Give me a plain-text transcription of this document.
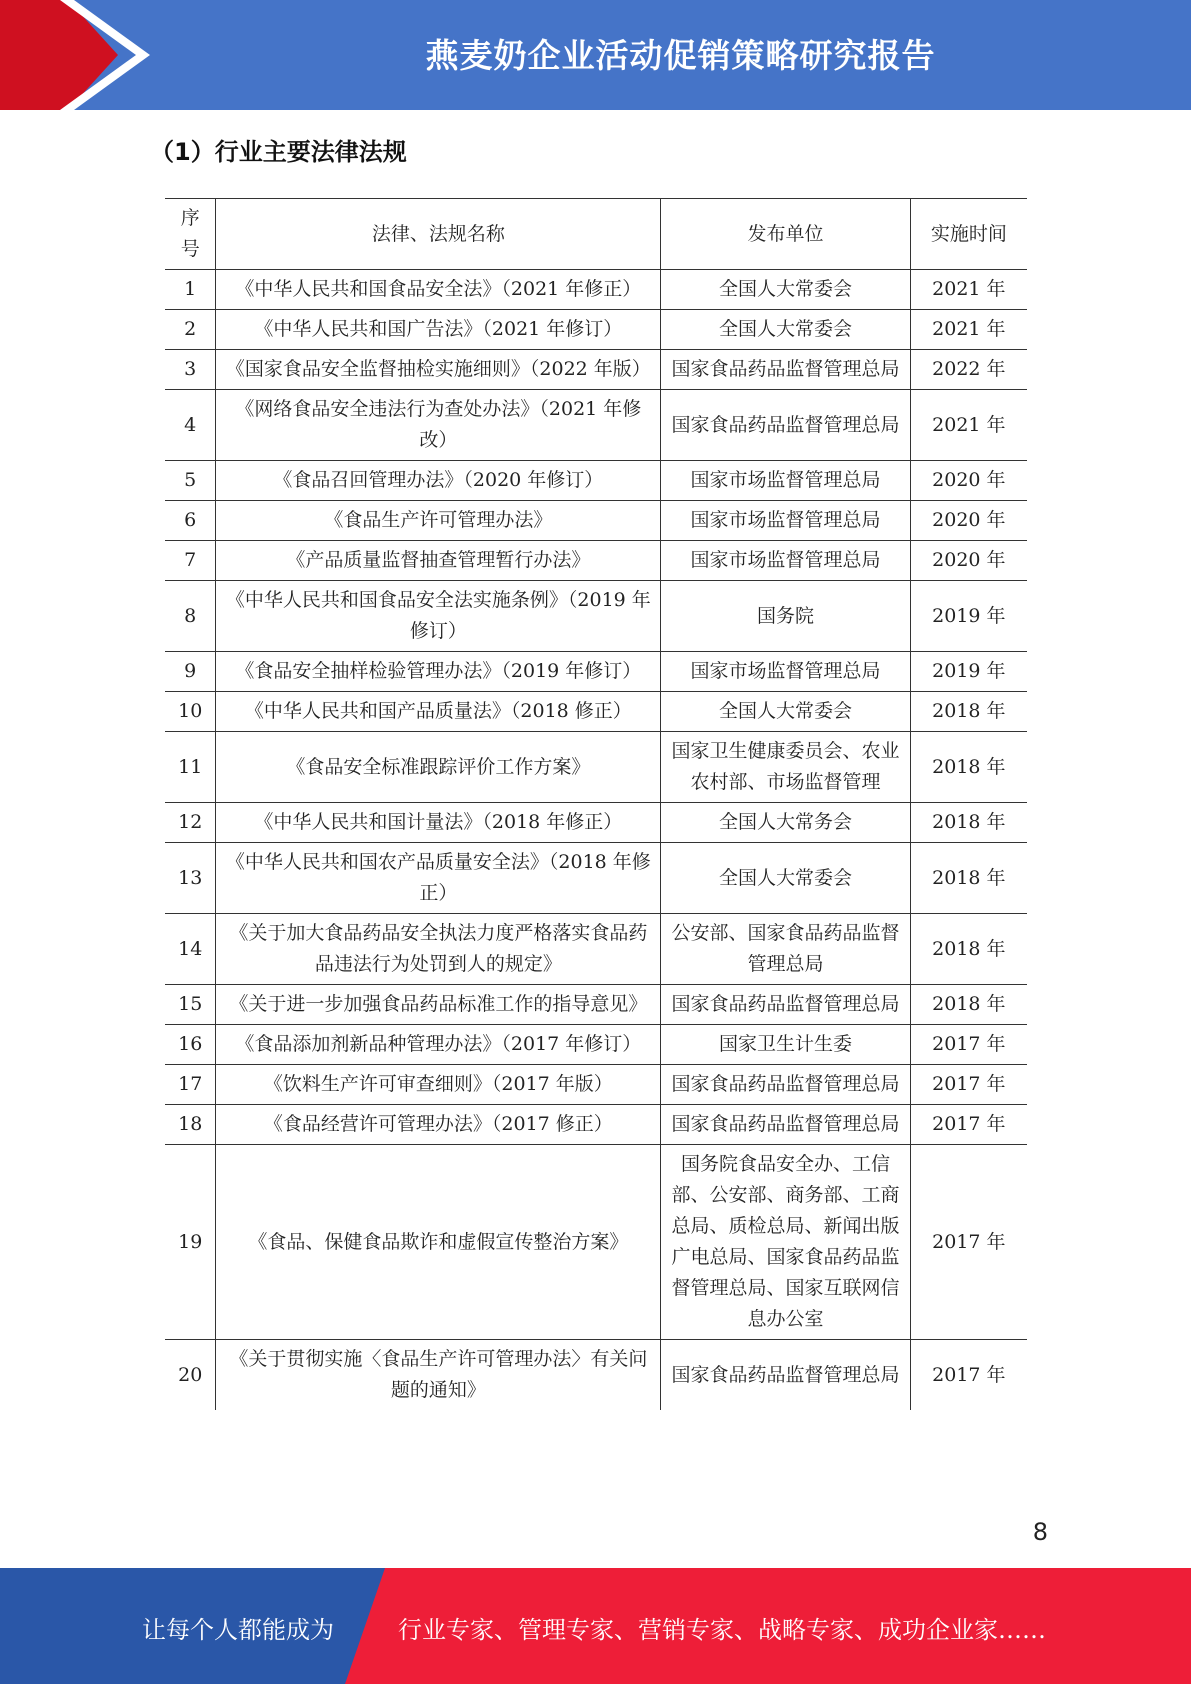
燕麦奶企业活动促销策略研究报告
（1）行业主要法律法规
序号	法律、法规名称	发布单位	实施时间
1	《中华人民共和国食品安全法》（2021 年修正）	全国人大常委会	2021 年
2	《中华人民共和国广告法》（2021 年修订）	全国人大常委会	2021 年
3	《国家食品安全监督抽检实施细则》（2022 年版）	国家食品药品监督管理总局	2022 年
4	《网络食品安全违法行为查处办法》（2021 年修改）	国家食品药品监督管理总局	2021 年
5	《食品召回管理办法》（2020 年修订）	国家市场监督管理总局	2020 年
6	《食品生产许可管理办法》	国家市场监督管理总局	2020 年
7	《产品质量监督抽查管理暂行办法》	国家市场监督管理总局	2020 年
8	《中华人民共和国食品安全法实施条例》（2019 年修订）	国务院	2019 年
9	《食品安全抽样检验管理办法》（2019 年修订）	国家市场监督管理总局	2019 年
10	《中华人民共和国产品质量法》（2018 修正）	全国人大常委会	2018 年
11	《食品安全标准跟踪评价工作方案》	国家卫生健康委员会、农业农村部、市场监督管理	2018 年
12	《中华人民共和国计量法》（2018 年修正）	全国人大常务会	2018 年
13	《中华人民共和国农产品质量安全法》（2018 年修正）	全国人大常委会	2018 年
14	《关于加大食品药品安全执法力度严格落实食品药品违法行为处罚到人的规定》	公安部、国家食品药品监督管理总局	2018 年
15	《关于进一步加强食品药品标准工作的指导意见》	国家食品药品监督管理总局	2018 年
16	《食品添加剂新品种管理办法》（2017 年修订）	国家卫生计生委	2017 年
17	《饮料生产许可审查细则》（2017 年版）	国家食品药品监督管理总局	2017 年
18	《食品经营许可管理办法》（2017 修正）	国家食品药品监督管理总局	2017 年
19	《食品、保健食品欺诈和虚假宣传整治方案》	国务院食品安全办、工信部、公安部、商务部、工商总局、质检总局、新闻出版广电总局、国家食品药品监督管理总局、国家互联网信息办公室	2017 年
20	《关于贯彻实施〈食品生产许可管理办法〉有关问题的通知》	国家食品药品监督管理总局	2017 年
8
让每个人都能成为	行业专家、管理专家、营销专家、战略专家、成功企业家……
